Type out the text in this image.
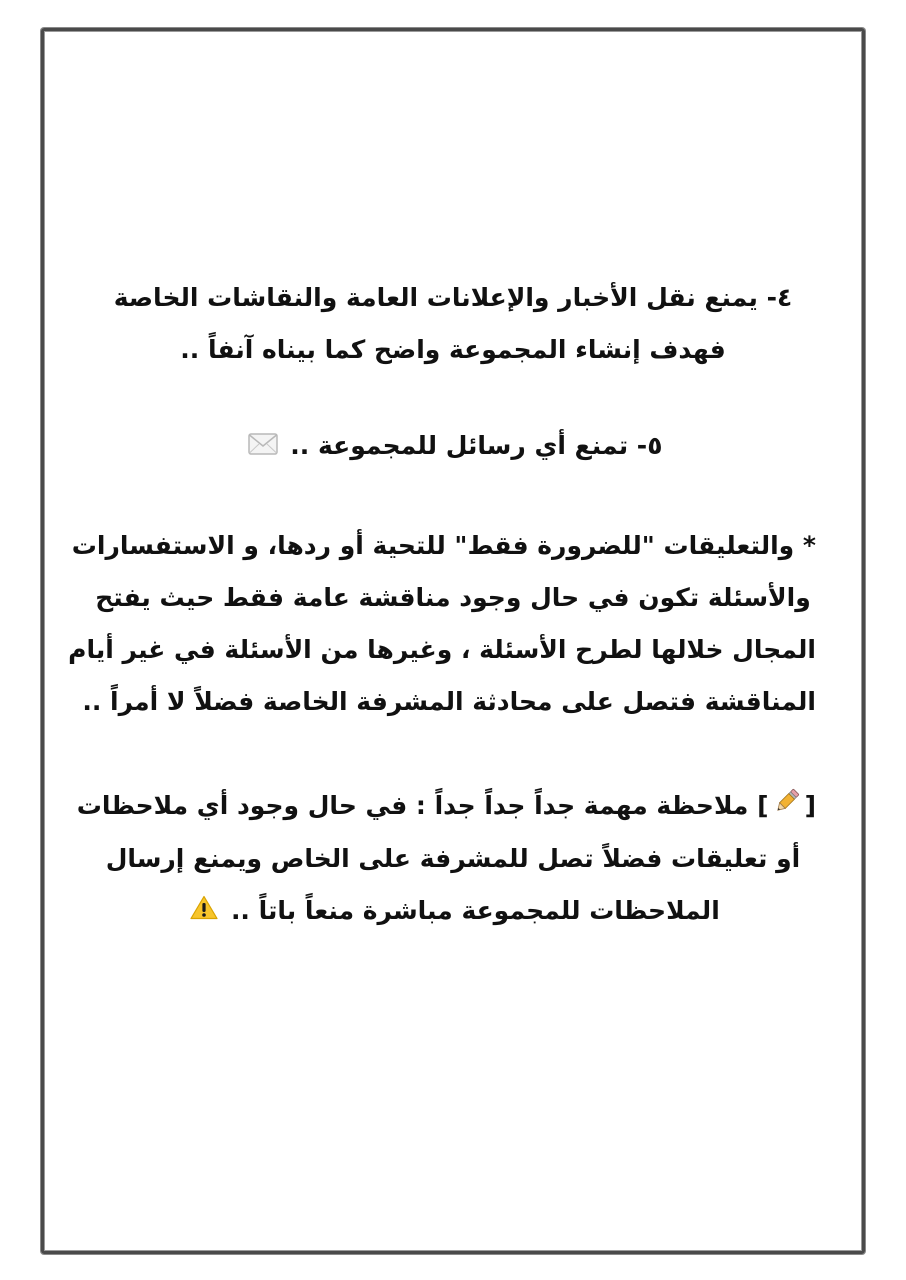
٤- يمنع نقل الأخبار والإعلانات العامة والنقاشات الخاصة
فهدف إنشاء المجموعة واضح كما بيناه آنفاً ..
٥- تمنع أي رسائل للمجموعة ..
* والتعليقات "للضرورة فقط" للتحية أو ردها، و الاستفسارات
والأسئلة تكون في حال وجود مناقشة عامة فقط حيث يفتح
المجال خلالها لطرح الأسئلة ، وغيرها من الأسئلة في غير أيام
المناقشة فتصل على محادثة المشرفة الخاصة فضلاً لا أمراً ..
[] ملاحظة مهمة جداً جداً جداً : في حال وجود أي ملاحظات
أو تعليقات فضلاً تصل للمشرفة على الخاص ويمنع إرسال
الملاحظات للمجموعة مباشرة منعاً باتاً ..
